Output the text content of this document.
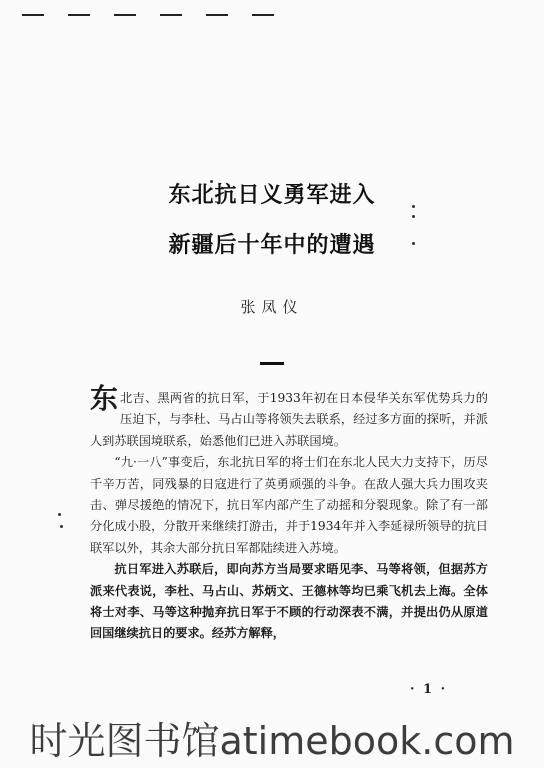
东北抗日义勇军进入
新疆后十年中的遭遇
张凤仪

东北吉、黑两省的抗日军，于1933年初在日本侵华关东军优势兵力的压迫下，与李杜、马占山等将领失去联系，经过多方面的探听，并派人到苏联国境联系，始悉他们已进入苏联国境。

“九·一八”事变后，东北抗日军的将士们在东北人民大力支持下，历尽千辛万苦，同残暴的日寇进行了英勇顽强的斗争。在敌人强大兵力围攻夹击、弹尽援绝的情况下，抗日军内部产生了动摇和分裂现象。除了有一部分化成小股，分散开来继续打游击，并于1934年并入李延禄所领导的抗日联军以外，其余大部分抗日军都陆续进入苏境。

抗日军进入苏联后，即向苏方当局要求晤见李、马等将领，但据苏方派来代表说，李杜、马占山、苏炳文、王德林等均已乘飞机去上海。全体将士对李、马等这种抛弃抗日军于不顾的行动深表不满，并提出仍从原道回国继续抗日的要求。经苏方解释，

· 1 ·
时光图书馆atimebook.com
